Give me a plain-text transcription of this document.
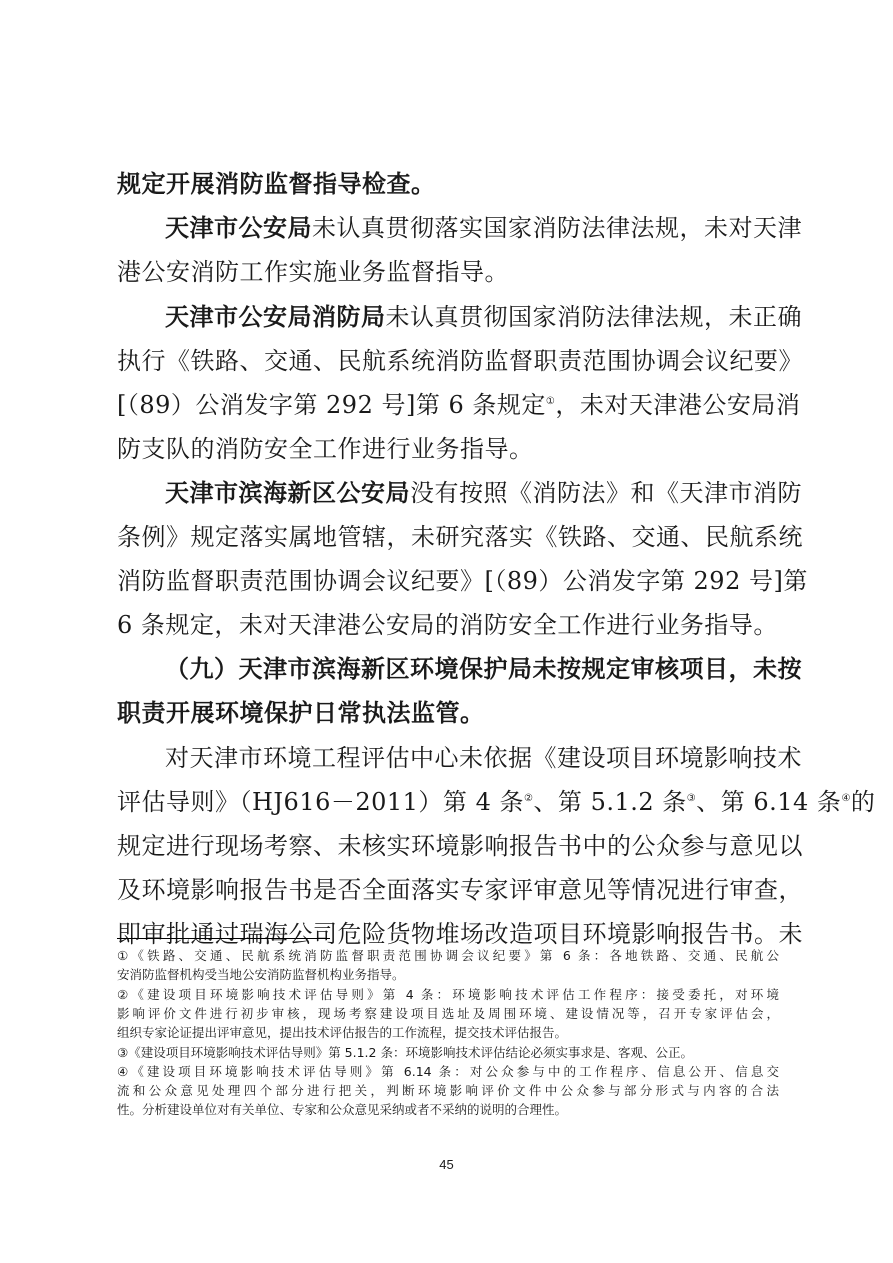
规定开展消防监督指导检查。
天津市公安局未认真贯彻落实国家消防法律法规，未对天津
港公安消防工作实施业务监督指导。
天津市公安局消防局未认真贯彻国家消防法律法规，未正确
执行《铁路、交通、民航系统消防监督职责范围协调会议纪要》
[（89）公消发字第 292 号]第 6 条规定①，未对天津港公安局消
防支队的消防安全工作进行业务指导。
天津市滨海新区公安局没有按照《消防法》和《天津市消防
条例》规定落实属地管辖，未研究落实《铁路、交通、民航系统
消防监督职责范围协调会议纪要》[（89）公消发字第 292 号]第
6 条规定，未对天津港公安局的消防安全工作进行业务指导。
（九）天津市滨海新区环境保护局未按规定审核项目，未按
职责开展环境保护日常执法监管。
对天津市环境工程评估中心未依据《建设项目环境影响技术
评估导则》（HJ616－2011）第 4 条②、第 5.1.2 条③、第 6.14 条④的
规定进行现场考察、未核实环境影响报告书中的公众参与意见以
及环境影响报告书是否全面落实专家评审意见等情况进行审查，
即审批通过瑞海公司危险货物堆场改造项目环境影响报告书。未
①《铁路、交通、民航系统消防监督职责范围协调会议纪要》第 6 条：各地铁路、交通、民航公
安消防监督机构受当地公安消防监督机构业务指导。
②《建设项目环境影响技术评估导则》第 4 条：环境影响技术评估工作程序：接受委托，对环境
影响评价文件进行初步审核，现场考察建设项目选址及周围环境、建设情况等，召开专家评估会，
组织专家论证提出评审意见，提出技术评估报告的工作流程，提交技术评估报告。
③《建设项目环境影响技术评估导则》第 5.1.2 条：环境影响技术评估结论必须实事求是、客观、公正。
④《建设项目环境影响技术评估导则》第 6.14 条：对公众参与中的工作程序、信息公开、信息交
流和公众意见处理四个部分进行把关，判断环境影响评价文件中公众参与部分形式与内容的合法
性。分析建设单位对有关单位、专家和公众意见采纳或者不采纳的说明的合理性。
45
